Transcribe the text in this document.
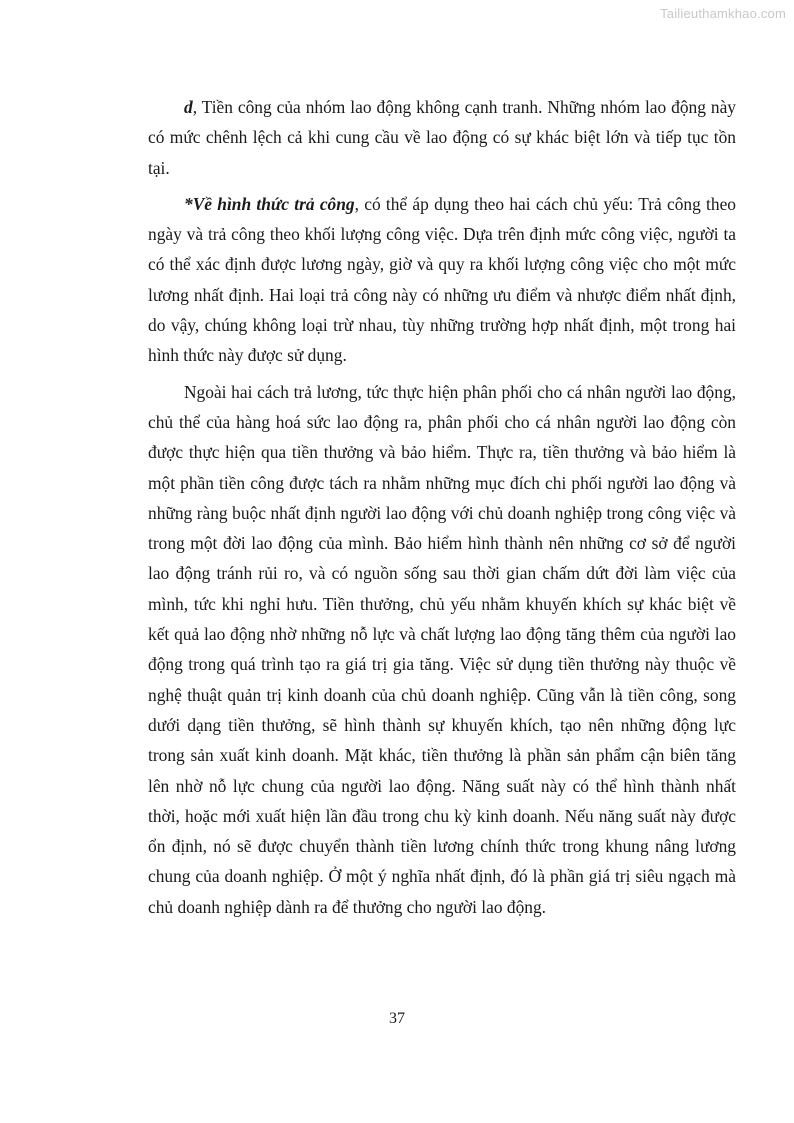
Tailieuthamkhao.com

d, Tiền công của nhóm lao động không cạnh tranh. Những nhóm lao động này có mức chênh lệch cả khi cung cầu về lao động có sự khác biệt lớn và tiếp tục tồn tại.

*Về hình thức trả công, có thể áp dụng theo hai cách chủ yếu: Trả công theo ngày và trả công theo khối lượng công việc. Dựa trên định mức công việc, người ta có thể xác định được lương ngày, giờ và quy ra khối lượng công việc cho một mức lương nhất định. Hai loại trả công này có những ưu điểm và nhược điểm nhất định, do vậy, chúng không loại trừ nhau, tùy những trường hợp nhất định, một trong hai hình thức này được sử dụng.

Ngoài hai cách trả lương, tức thực hiện phân phối cho cá nhân người lao động, chủ thể của hàng hoá sức lao động ra, phân phối cho cá nhân người lao động còn được thực hiện qua tiền thưởng và bảo hiểm. Thực ra, tiền thưởng và bảo hiểm là một phần tiền công được tách ra nhằm những mục đích chi phối người lao động và những ràng buộc nhất định người lao động với chủ doanh nghiệp trong công việc và trong một đời lao động của mình. Bảo hiểm hình thành nên những cơ sở để người lao động tránh rủi ro, và có nguồn sống sau thời gian chấm dứt đời làm việc của mình, tức khi nghỉ hưu. Tiền thưởng, chủ yếu nhằm khuyến khích sự khác biệt về kết quả lao động nhờ những nỗ lực và chất lượng lao động tăng thêm của người lao động trong quá trình tạo ra giá trị gia tăng. Việc sử dụng tiền thưởng này thuộc về nghệ thuật quản trị kinh doanh của chủ doanh nghiệp. Cũng vẫn là tiền công, song dưới dạng tiền thưởng, sẽ hình thành sự khuyến khích, tạo nên những động lực trong sản xuất kinh doanh. Mặt khác, tiền thưởng là phần sản phẩm cận biên tăng lên nhờ nỗ lực chung của người lao động. Năng suất này có thể hình thành nhất thời, hoặc mới xuất hiện lần đầu trong chu kỳ kinh doanh. Nếu năng suất này được ổn định, nó sẽ được chuyển thành tiền lương chính thức trong khung nâng lương chung của doanh nghiệp. Ở một ý nghĩa nhất định, đó là phần giá trị siêu ngạch mà chủ doanh nghiệp dành ra để thưởng cho người lao động.

37
